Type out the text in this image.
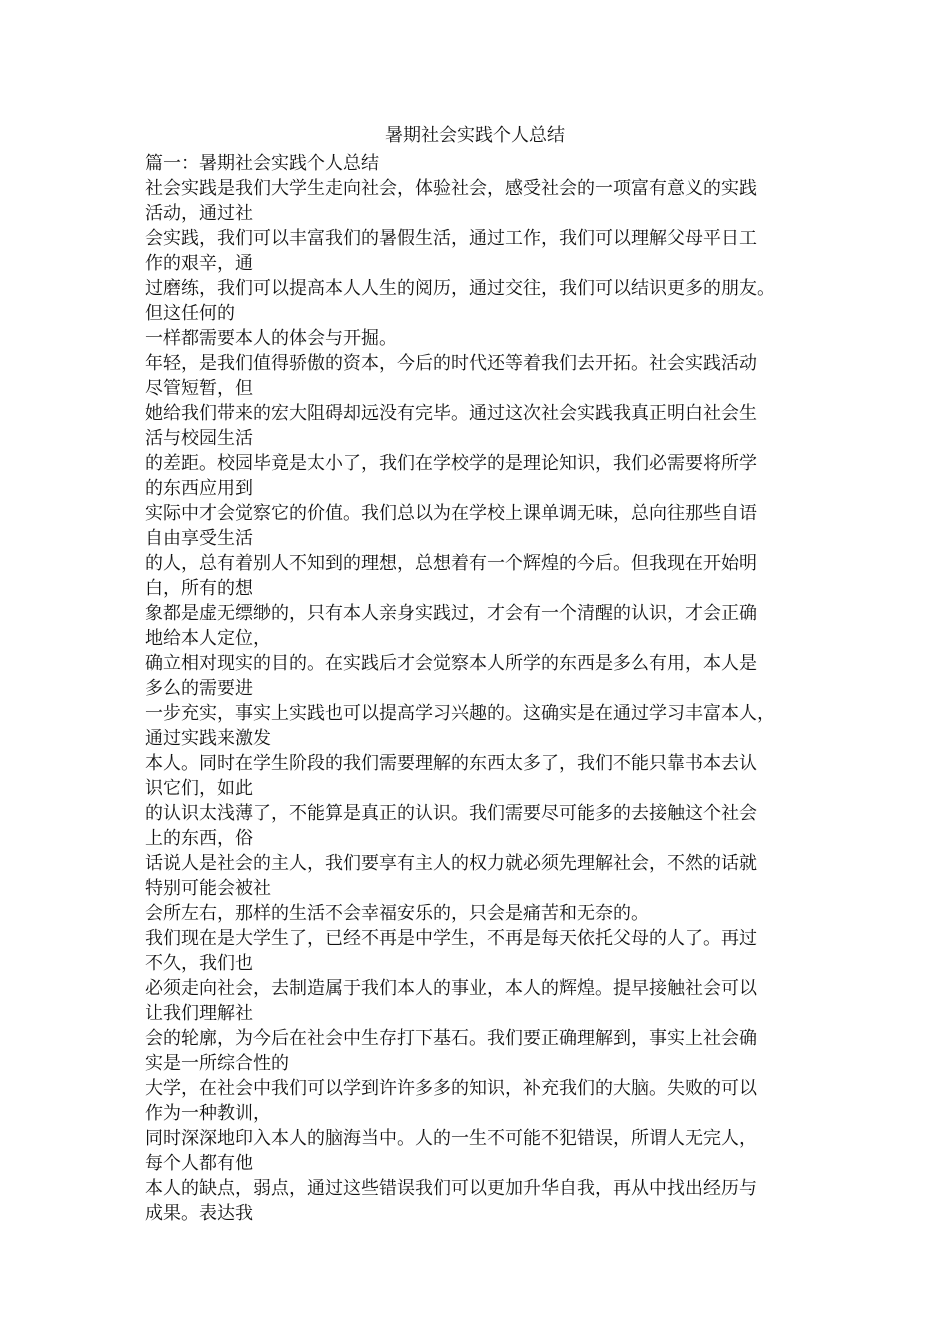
暑期社会实践个人总结
篇一：暑期社会实践个人总结
社会实践是我们大学生走向社会，体验社会，感受社会的一项富有意义的实践
活动，通过社
会实践，我们可以丰富我们的暑假生活，通过工作，我们可以理解父母平日工
作的艰辛，通
过磨练，我们可以提高本人人生的阅历，通过交往，我们可以结识更多的朋友。
但这任何的
一样都需要本人的体会与开掘。
年轻，是我们值得骄傲的资本，今后的时代还等着我们去开拓。社会实践活动
尽管短暂，但
她给我们带来的宏大阻碍却远没有完毕。通过这次社会实践我真正明白社会生
活与校园生活
的差距。校园毕竟是太小了，我们在学校学的是理论知识，我们必需要将所学
的东西应用到
实际中才会觉察它的价值。我们总以为在学校上课单调无味，总向往那些自语
自由享受生活
的人，总有着别人不知到的理想，总想着有一个辉煌的今后。但我现在开始明
白，所有的想
象都是虚无缥缈的，只有本人亲身实践过，才会有一个清醒的认识，才会正确
地给本人定位，
确立相对现实的目的。在实践后才会觉察本人所学的东西是多么有用，本人是
多么的需要进
一步充实，事实上实践也可以提高学习兴趣的。这确实是在通过学习丰富本人，
通过实践来激发
本人。同时在学生阶段的我们需要理解的东西太多了，我们不能只靠书本去认
识它们，如此
的认识太浅薄了，不能算是真正的认识。我们需要尽可能多的去接触这个社会
上的东西，俗
话说人是社会的主人，我们要享有主人的权力就必须先理解社会，不然的话就
特别可能会被社
会所左右，那样的生活不会幸福安乐的，只会是痛苦和无奈的。
我们现在是大学生了，已经不再是中学生，不再是每天依托父母的人了。再过
不久，我们也
必须走向社会，去制造属于我们本人的事业，本人的辉煌。提早接触社会可以
让我们理解社
会的轮廓，为今后在社会中生存打下基石。我们要正确理解到，事实上社会确
实是一所综合性的
大学，在社会中我们可以学到许许多多的知识，补充我们的大脑。失败的可以
作为一种教训，
同时深深地印入本人的脑海当中。人的一生不可能不犯错误，所谓人无完人，
每个人都有他
本人的缺点，弱点，通过这些错误我们可以更加升华自我，再从中找出经历与
成果。表达我
